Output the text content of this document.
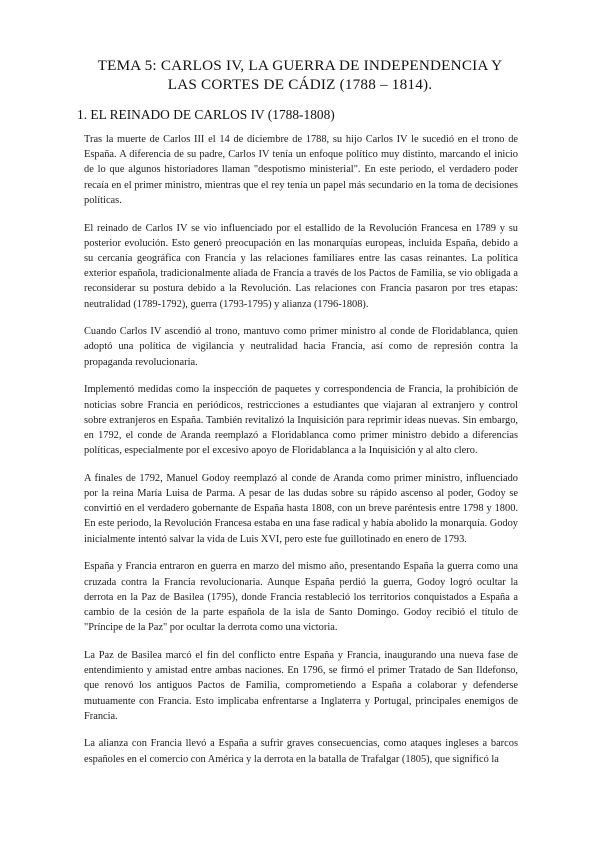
TEMA 5: CARLOS IV, LA GUERRA DE INDEPENDENCIA Y
LAS CORTES DE CÁDIZ (1788 – 1814).
1. EL REINADO DE CARLOS IV (1788-1808)

Tras la muerte de Carlos III el 14 de diciembre de 1788, su hijo Carlos IV le sucedió en el trono de España. A diferencia de su padre, Carlos IV tenía un enfoque político muy distinto, marcando el inicio de lo que algunos historiadores llaman "despotismo ministerial". En este periodo, el verdadero poder recaía en el primer ministro, mientras que el rey tenía un papel más secundario en la toma de decisiones políticas.

El reinado de Carlos IV se vio influenciado por el estallido de la Revolución Francesa en 1789 y su posterior evolución. Esto generó preocupación en las monarquías europeas, incluida España, debido a su cercanía geográfica con Francia y las relaciones familiares entre las casas reinantes. La política exterior española, tradicionalmente aliada de Francia a través de los Pactos de Familia, se vio obligada a reconsiderar su postura debido a la Revolución. Las relaciones con Francia pasaron por tres etapas: neutralidad (1789-1792), guerra (1793-1795) y alianza (1796-1808).

Cuando Carlos IV ascendió al trono, mantuvo como primer ministro al conde de Floridablanca, quien adoptó una política de vigilancia y neutralidad hacia Francia, así como de represión contra la propaganda revolucionaria.

Implementó medidas como la inspección de paquetes y correspondencia de Francia, la prohibición de noticias sobre Francia en periódicos, restricciones a estudiantes que viajaran al extranjero y control sobre extranjeros en España. También revitalizó la Inquisición para reprimir ideas nuevas. Sin embargo, en 1792, el conde de Aranda reemplazó a Floridablanca como primer ministro debido a diferencias políticas, especialmente por el excesivo apoyo de Floridablanca a la Inquisición y al alto clero.

A finales de 1792, Manuel Godoy reemplazó al conde de Aranda como primer ministro, influenciado por la reina María Luisa de Parma. A pesar de las dudas sobre su rápido ascenso al poder, Godoy se convirtió en el verdadero gobernante de España hasta 1808, con un breve paréntesis entre 1798 y 1800. En este periodo, la Revolución Francesa estaba en una fase radical y había abolido la monarquía. Godoy inicialmente intentó salvar la vida de Luis XVI, pero este fue guillotinado en enero de 1793.

España y Francia entraron en guerra en marzo del mismo año, presentando España la guerra como una cruzada contra la Francia revolucionaria. Aunque España perdió la guerra, Godoy logró ocultar la derrota en la Paz de Basilea (1795), donde Francia restableció los territorios conquistados a España a cambio de la cesión de la parte española de la isla de Santo Domingo. Godoy recibió el título de "Príncipe de la Paz" por ocultar la derrota como una victoria.

La Paz de Basilea marcó el fin del conflicto entre España y Francia, inaugurando una nueva fase de entendimiento y amistad entre ambas naciones. En 1796, se firmó el primer Tratado de San Ildefonso, que renovó los antiguos Pactos de Familia, comprometiendo a España a colaborar y defenderse mutuamente con Francia. Esto implicaba enfrentarse a Inglaterra y Portugal, principales enemigos de Francia.

La alianza con Francia llevó a España a sufrir graves consecuencias, como ataques ingleses a barcos españoles en el comercio con América y la derrota en la batalla de Trafalgar (1805), que significó la
